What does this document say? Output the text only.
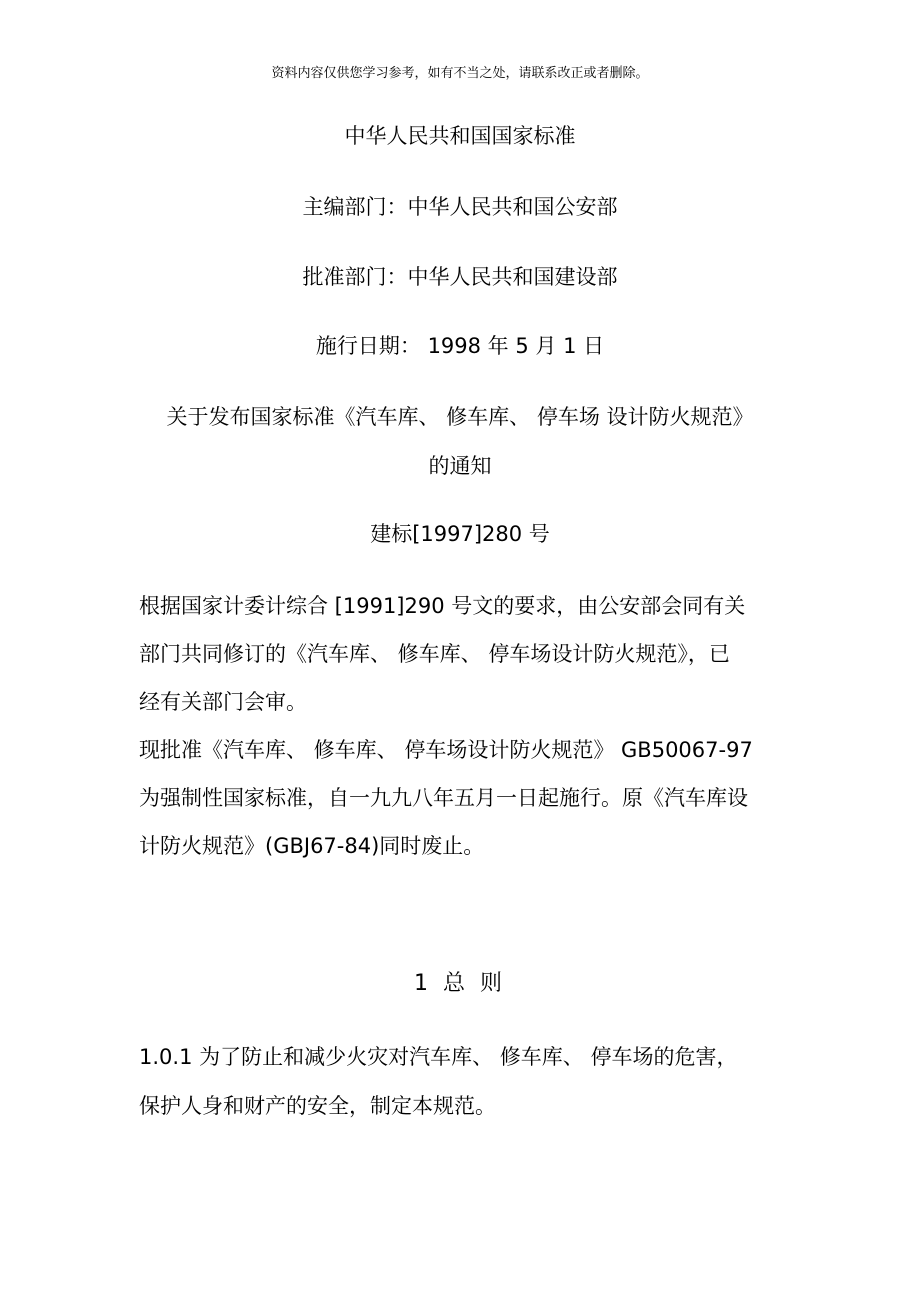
资料内容仅供您学习参考，如有不当之处，请联系改正或者删除。
中华人民共和国国家标准
主编部门：中华人民共和国公安部
批准部门：中华人民共和国建设部
施行日期： 1998 年 5 月 1 日
关于发布国家标准《汽车库、 修车库、 停车场 设计防火规范》
的通知
建标[1997]280 号
根据国家计委计综合 [1991]290 号文的要求，由公安部会同有关
部门共同修订的《汽车库、 修车库、 停车场设计防火规范》，已
经有关部门会审。
现批准《汽车库、 修车库、 停车场设计防火规范》 GB50067-97
为强制性国家标准，自一九九八年五月一日起施行。原《汽车库设
计防火规范》(GBJ67-84)同时废止。
1 总 则
1.0.1 为了防止和减少火灾对汽车库、 修车库、 停车场的危害，
保护人身和财产的安全，制定本规范。
